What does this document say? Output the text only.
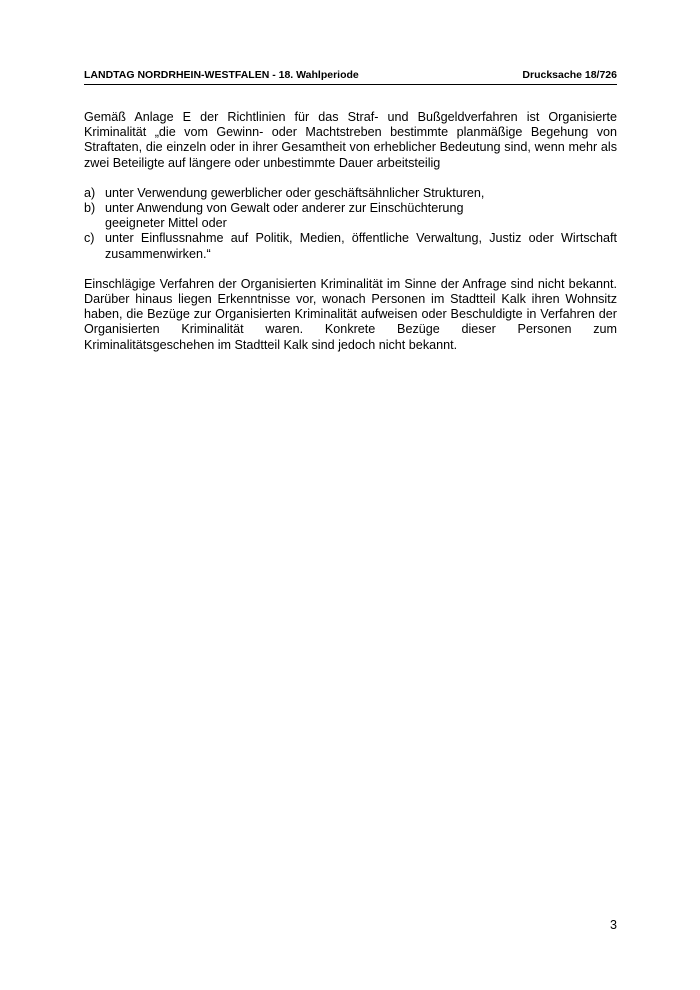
LANDTAG NORDRHEIN-WESTFALEN - 18. Wahlperiode	Drucksache 18/726

Gemäß Anlage E der Richtlinien für das Straf- und Bußgeldverfahren ist Organisierte Kriminalität „die vom Gewinn- oder Machtstreben bestimmte planmäßige Begehung von Straftaten, die einzeln oder in ihrer Gesamtheit von erheblicher Bedeutung sind, wenn mehr als zwei Beteiligte auf längere oder unbestimmte Dauer arbeitsteilig

a) unter Verwendung gewerblicher oder geschäftsähnlicher Strukturen,
b) unter Anwendung von Gewalt oder anderer zur Einschüchterung
geeigneter Mittel oder
c) unter Einflussnahme auf Politik, Medien, öffentliche Verwaltung, Justiz oder Wirtschaft zusammenwirken.“

Einschlägige Verfahren der Organisierten Kriminalität im Sinne der Anfrage sind nicht bekannt. Darüber hinaus liegen Erkenntnisse vor, wonach Personen im Stadtteil Kalk ihren Wohnsitz haben, die Bezüge zur Organisierten Kriminalität aufweisen oder Beschuldigte in Verfahren der Organisierten Kriminalität waren. Konkrete Bezüge dieser Personen zum Kriminalitätsgeschehen im Stadtteil Kalk sind jedoch nicht bekannt.

3
